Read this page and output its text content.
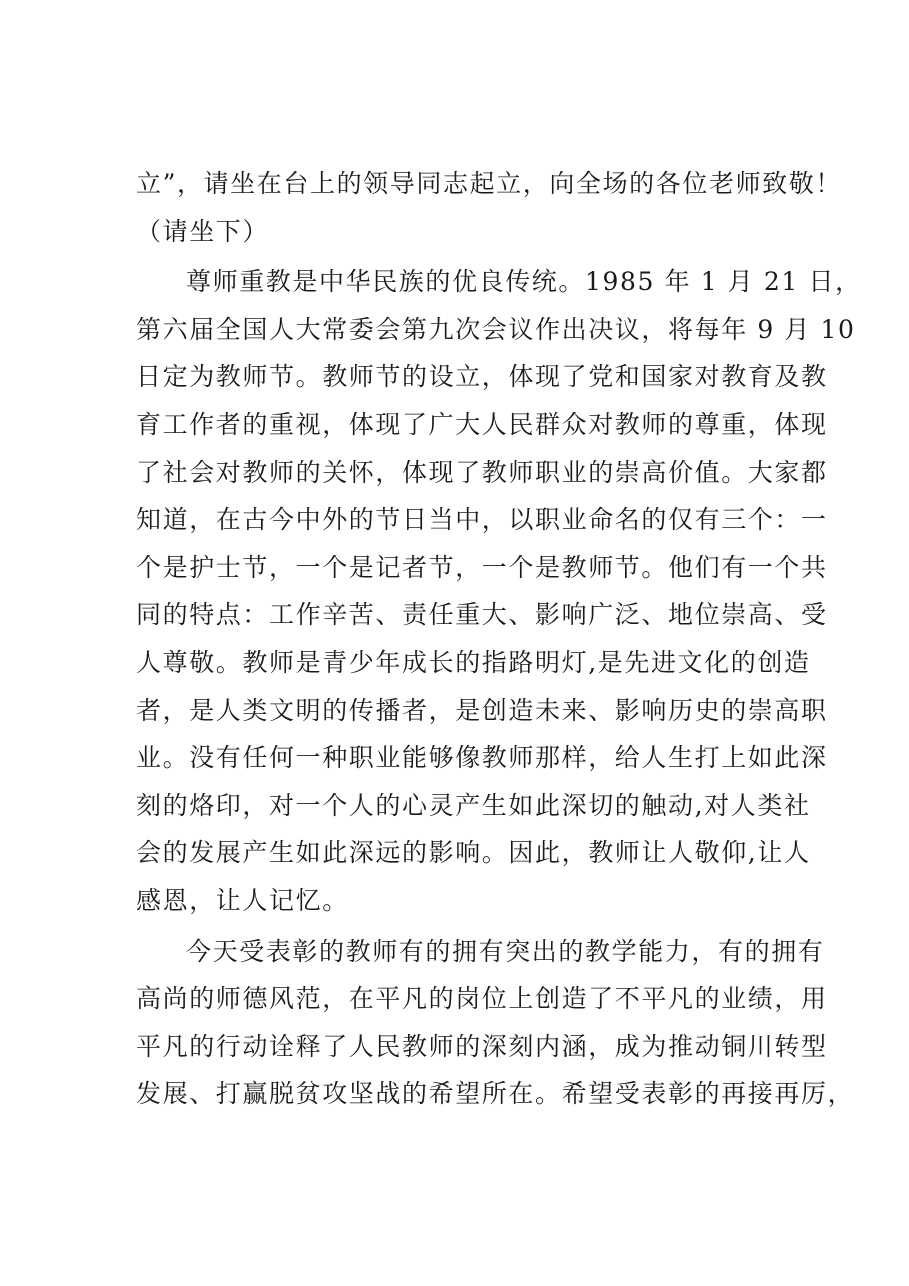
立”，请坐在台上的领导同志起立，向全场的各位老师致敬！
（请坐下）
尊师重教是中华民族的优良传统。1985 年 1 月 21 日，
第六届全国人大常委会第九次会议作出决议，将每年 9 月 10
日定为教师节。教师节的设立，体现了党和国家对教育及教
育工作者的重视，体现了广大人民群众对教师的尊重，体现
了社会对教师的关怀，体现了教师职业的崇高价值。大家都
知道，在古今中外的节日当中，以职业命名的仅有三个：一
个是护士节，一个是记者节，一个是教师节。他们有一个共
同的特点：工作辛苦、责任重大、影响广泛、地位崇高、受
人尊敬。教师是青少年成长的指路明灯,是先进文化的创造
者，是人类文明的传播者，是创造未来、影响历史的崇高职
业。没有任何一种职业能够像教师那样，给人生打上如此深
刻的烙印，对一个人的心灵产生如此深切的触动,对人类社
会的发展产生如此深远的影响。因此，教师让人敬仰,让人
感恩，让人记忆。
今天受表彰的教师有的拥有突出的教学能力，有的拥有
高尚的师德风范，在平凡的岗位上创造了不平凡的业绩，用
平凡的行动诠释了人民教师的深刻内涵，成为推动铜川转型
发展、打赢脱贫攻坚战的希望所在。希望受表彰的再接再厉，
